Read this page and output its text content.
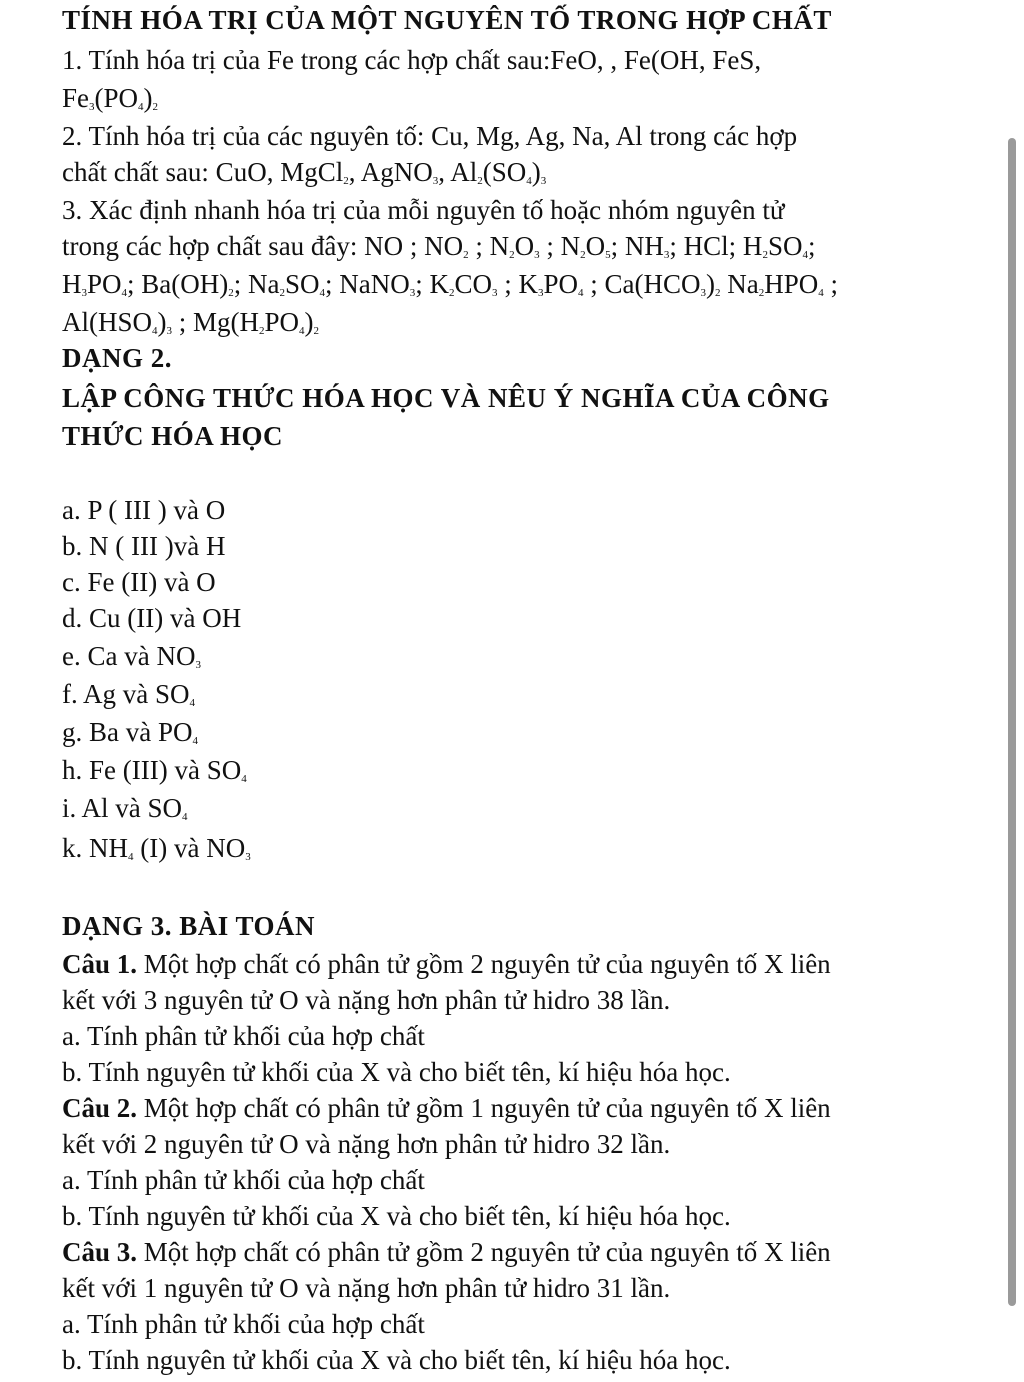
TÍNH HÓA TRỊ CỦA MỘT NGUYÊN TỐ TRONG HỢP CHẤT
1. Tính hóa trị của Fe trong các hợp chất sau:FeO, , Fe(OH, FeS,
$Fe_3(PO_4)_2$
2. Tính hóa trị của các nguyên tố: Cu, Mg, Ag, Na, Al trong các hợp
chất chất sau: CuO, MgCl$_2$, AgNO$_3$, $Al_2(SO_4)_3$
3. Xác định nhanh hóa trị của mỗi nguyên tố hoặc nhóm nguyên tử
trong các hợp chất sau đây: NO ; $NO_2$ ; $N_2O_3$ ; $N_2O_5$; $NH_3$; HCl; $H_2SO_4$;
$H_3PO_4$; $Ba(OH)_2$; $Na_2SO_4$; NaNO$_3$; $K_2CO_3$ ; $K_3PO_4$ ; $Ca(HCO_3)_2$ $Na_2HPO_4$ ;
$Al(HSO_4)_3$ ; $Mg(H_2PO_4)_2$
DẠNG 2.
LẬP CÔNG THỨC HÓA HỌC VÀ NÊU Ý NGHĨA CỦA CÔNG
THỨC HÓA HỌC
a. P ( III ) và O
b. N ( III )và H
c. Fe (II) và O
d. Cu (II) và OH
e. Ca và $NO_3$
f. Ag và $SO_4$
g. Ba và $PO_4$
h. Fe (III) và $SO_4$
i. Al và $SO_4$
k. $NH_4$ (I) và $NO_3$
DẠNG 3. BÀI TOÁN
Câu 1. Một hợp chất có phân tử gồm 2 nguyên tử của nguyên tố X liên
kết với 3 nguyên tử O và nặng hơn phân tử hidro 38 lần.
a. Tính phân tử khối của hợp chất
b. Tính nguyên tử khối của X và cho biết tên, kí hiệu hóa học.
Câu 2. Một hợp chất có phân tử gồm 1 nguyên tử của nguyên tố X liên
kết với 2 nguyên tử O và nặng hơn phân tử hidro 32 lần.
a. Tính phân tử khối của hợp chất
b. Tính nguyên tử khối của X và cho biết tên, kí hiệu hóa học.
Câu 3. Một hợp chất có phân tử gồm 2 nguyên tử của nguyên tố X liên
kết với 1 nguyên tử O và nặng hơn phân tử hidro 31 lần.
a. Tính phân tử khối của hợp chất
b. Tính nguyên tử khối của X và cho biết tên, kí hiệu hóa học.
